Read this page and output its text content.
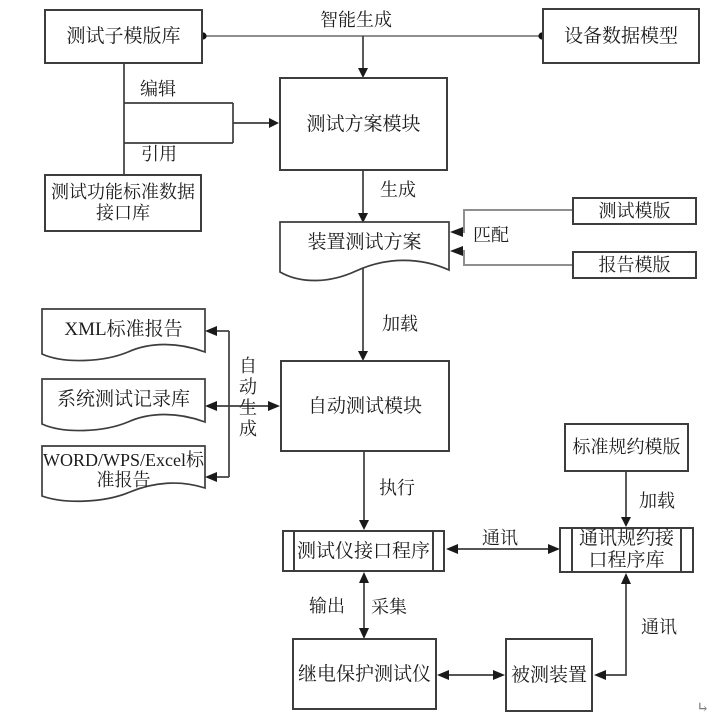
测试子模版库	设备数据模型
测试方案模块
测试功能标准数据
接口库	测试模版
报告模版
标准规约模版
自动测试模块
测试仪接口程序
通讯规约接
口程序库
继电保护测试仪	被测装置
装置测试方案
XML标准报告
系统测试记录库
WORD/WPS/Excel标
准报告
智能生成
编辑
引用
生成
匹配
加载
自动生成
执行
通讯
加载
输出 采集
通讯
↵
